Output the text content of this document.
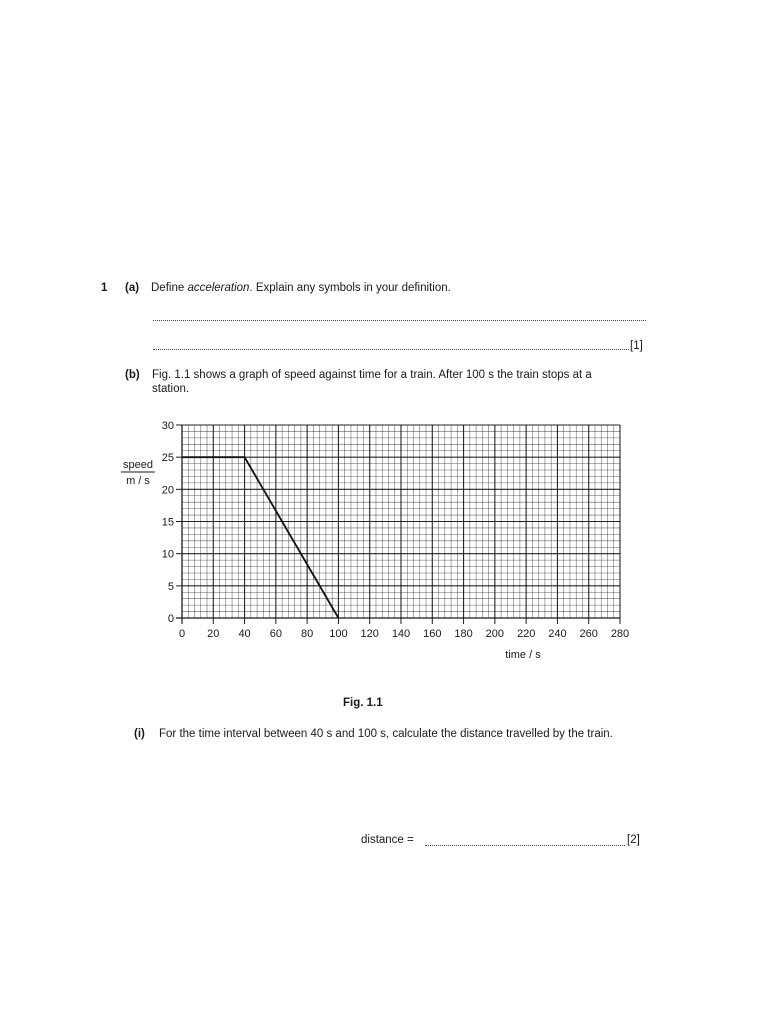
1 (a) Define acceleration. Explain any symbols in your definition.
[1]
(b) Fig. 1.1 shows a graph of speed against time for a train. After 100 s the train stops at a
station.
0 20 40 60 80 100 120 140 160 180 200 220 240 260 280
0
5
10
15
20
25
30
speed
m / s
time / s
Fig. 1.1
(i) For the time interval between 40 s and 100 s, calculate the distance travelled by the train.
distance =	[2]
